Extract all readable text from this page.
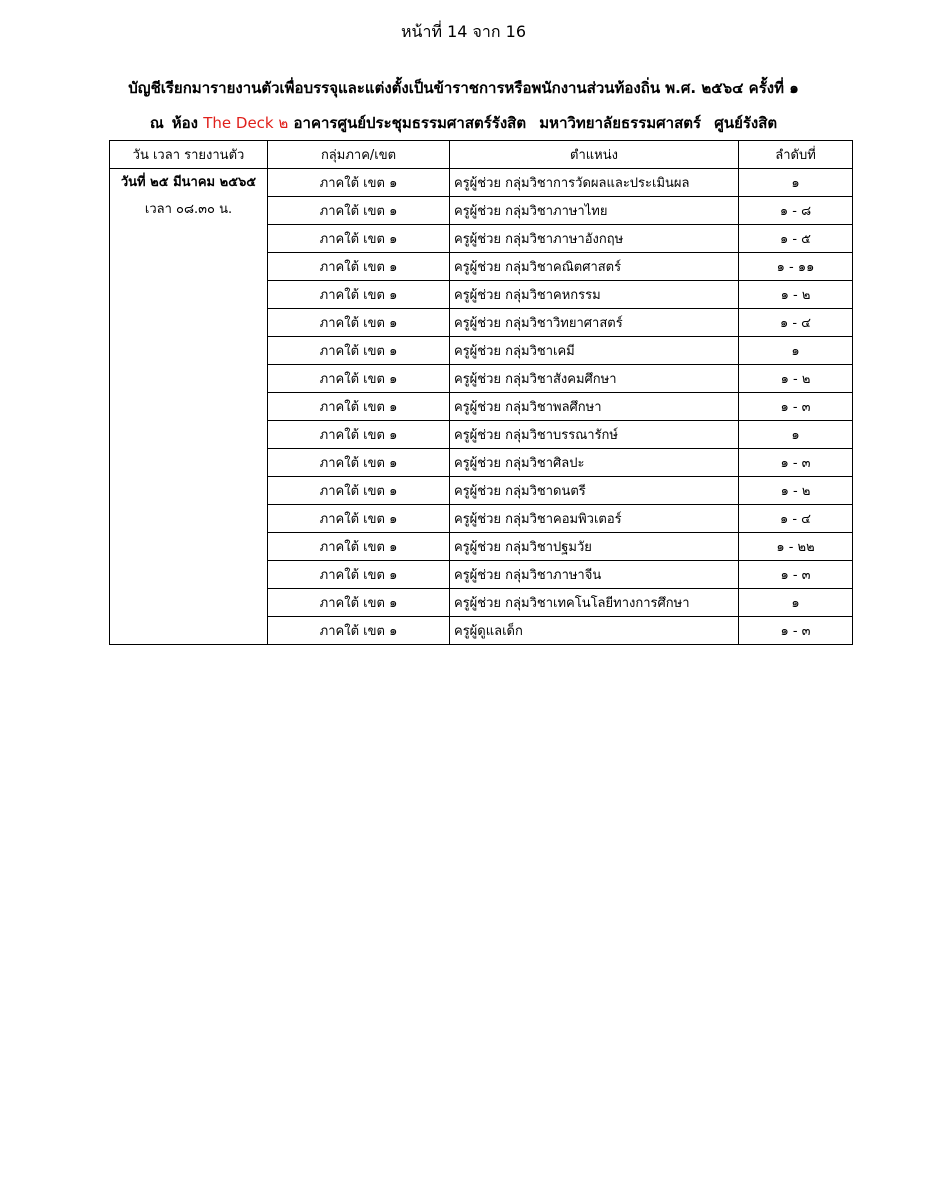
หน้าที่ 14 จาก 16
บัญชีเรียกมารายงานตัวเพื่อบรรจุและแต่งตั้งเป็นข้าราชการหรือพนักงานส่วนท้องถิ่น พ.ศ. ๒๕๖๔ ครั้งที่ ๑
ณ ห้อง The Deck ๒ อาคารศูนย์ประชุมธรรมศาสตร์รังสิต มหาวิทยาลัยธรรมศาสตร์ ศูนย์รังสิต
วัน เวลา รายงานตัว	กลุ่มภาค/เขต	ตำแหน่ง	ลำดับที่

วันที่ ๒๕ มีนาคม ๒๕๖๕
เวลา ๐๘.๓๐ น.	ภาคใต้ เขต ๑	ครูผู้ช่วย กลุ่มวิชาการวัดผลและประเมินผล	๑
	ภาคใต้ เขต ๑	ครูผู้ช่วย กลุ่มวิชาภาษาไทย	๑ - ๘
	ภาคใต้ เขต ๑	ครูผู้ช่วย กลุ่มวิชาภาษาอังกฤษ	๑ - ๕
	ภาคใต้ เขต ๑	ครูผู้ช่วย กลุ่มวิชาคณิตศาสตร์	๑ - ๑๑
	ภาคใต้ เขต ๑	ครูผู้ช่วย กลุ่มวิชาคหกรรม	๑ - ๒
	ภาคใต้ เขต ๑	ครูผู้ช่วย กลุ่มวิชาวิทยาศาสตร์	๑ - ๔
	ภาคใต้ เขต ๑	ครูผู้ช่วย กลุ่มวิชาเคมี	๑
	ภาคใต้ เขต ๑	ครูผู้ช่วย กลุ่มวิชาสังคมศึกษา	๑ - ๒
	ภาคใต้ เขต ๑	ครูผู้ช่วย กลุ่มวิชาพลศึกษา	๑ - ๓
	ภาคใต้ เขต ๑	ครูผู้ช่วย กลุ่มวิชาบรรณารักษ์	๑
	ภาคใต้ เขต ๑	ครูผู้ช่วย กลุ่มวิชาศิลปะ	๑ - ๓
	ภาคใต้ เขต ๑	ครูผู้ช่วย กลุ่มวิชาดนตรี	๑ - ๒
	ภาคใต้ เขต ๑	ครูผู้ช่วย กลุ่มวิชาคอมพิวเตอร์	๑ - ๔
	ภาคใต้ เขต ๑	ครูผู้ช่วย กลุ่มวิชาปฐมวัย	๑ - ๒๒
	ภาคใต้ เขต ๑	ครูผู้ช่วย กลุ่มวิชาภาษาจีน	๑ - ๓
	ภาคใต้ เขต ๑	ครูผู้ช่วย กลุ่มวิชาเทคโนโลยีทางการศึกษา	๑
	ภาคใต้ เขต ๑	ครูผู้ดูแลเด็ก	๑ - ๓
